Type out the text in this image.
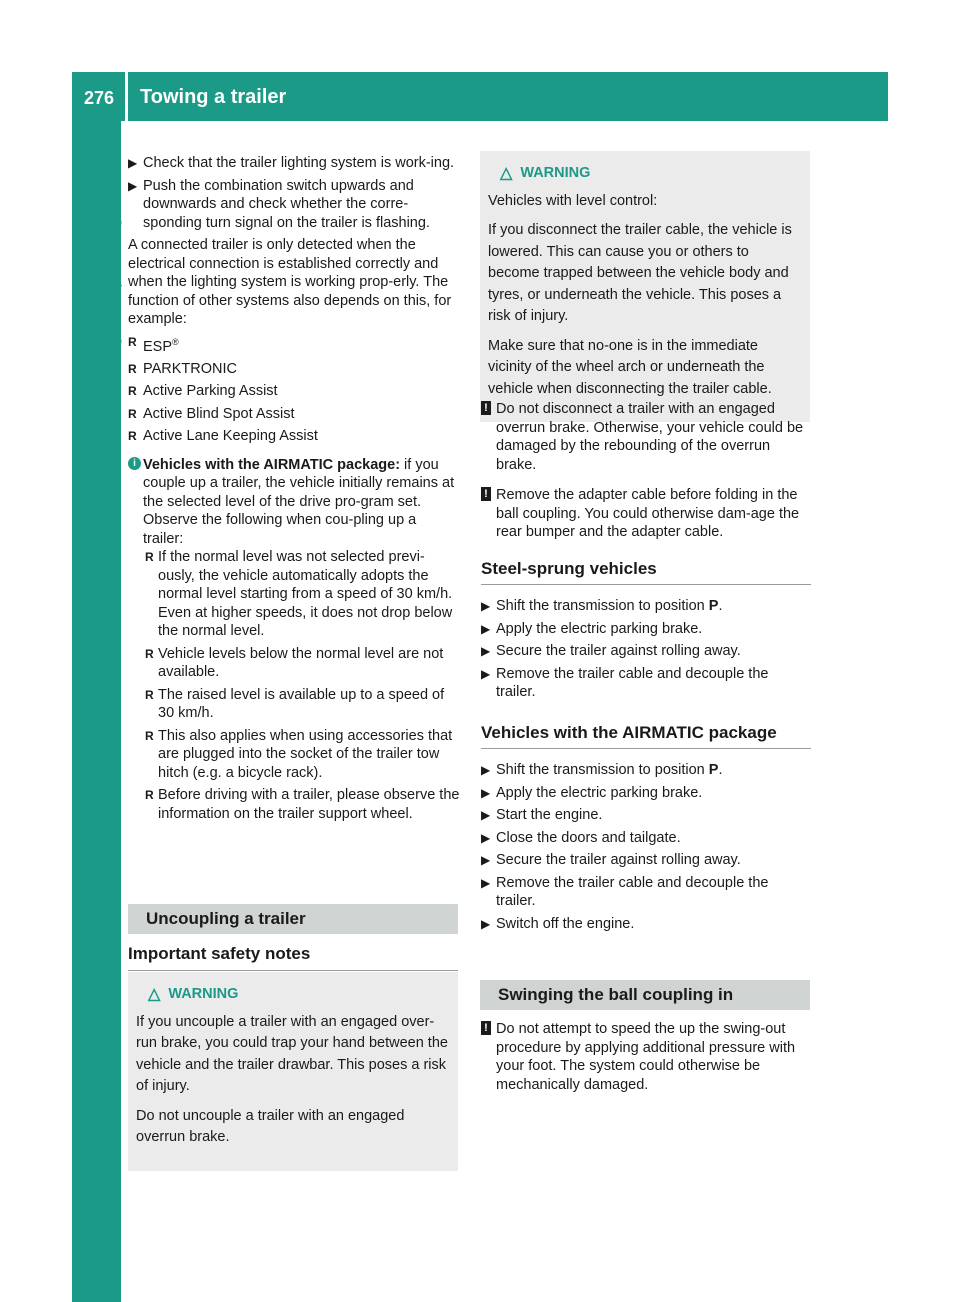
276 Towing a trailer
Driving and parking
▶ Check that the trailer lighting system is work-ing.
▶ Push the combination switch upwards and downwards and check whether the corre-sponding turn signal on the trailer is flashing.

A connected trailer is only detected when the electrical connection is established correctly and when the lighting system is working prop-erly. The function of other systems also depends on this, for example:

R ESP®
R PARKTRONIC
R Active Parking Assist
R Active Blind Spot Assist
R Active Lane Keeping Assist
i Vehicles with the AIRMATIC package: if you couple up a trailer, the vehicle initially remains at the selected level of the drive pro-gram set. Observe the following when cou-pling up a trailer:

R If the normal level was not selected previ-ously, the vehicle automatically adopts the normal level starting from a speed of 30 km/h. Even at higher speeds, it does not drop below the normal level.
R Vehicle levels below the normal level are not available.
R The raised level is available up to a speed of 30 km/h.
R This also applies when using accessories that are plugged into the socket of the trailer tow hitch (e.g. a bicycle rack).
R Before driving with a trailer, please observe the information on the trailer support wheel.
Uncoupling a trailer
Important safety notes
△ WARNING

If you uncouple a trailer with an engaged over-run brake, you could trap your hand between the vehicle and the trailer drawbar. This poses a risk of injury.

Do not uncouple a trailer with an engaged overrun brake.

△ WARNING

Vehicles with level control:

If you disconnect the trailer cable, the vehicle is lowered. This can cause you or others to become trapped between the vehicle body and tyres, or underneath the vehicle. This poses a risk of injury.

Make sure that no-one is in the immediate vicinity of the wheel arch or underneath the vehicle when disconnecting the trailer cable.

! Do not disconnect a trailer with an engaged overrun brake. Otherwise, your vehicle could be damaged by the rebounding of the overrun brake.
! Remove the adapter cable before folding in the ball coupling. You could otherwise dam-age the rear bumper and the adapter cable.
Steel-sprung vehicles
▶ Shift the transmission to position P.
▶ Apply the electric parking brake.
▶ Secure the trailer against rolling away.
▶ Remove the trailer cable and decouple the trailer.
Vehicles with the AIRMATIC package
▶ Shift the transmission to position P.
▶ Apply the electric parking brake.
▶ Start the engine.
▶ Close the doors and tailgate.
▶ Secure the trailer against rolling away.
▶ Remove the trailer cable and decouple the trailer.
▶ Switch off the engine.
Swinging the ball coupling in
! Do not attempt to speed the up the swing-out procedure by applying additional pressure with your foot. The system could otherwise be mechanically damaged.
